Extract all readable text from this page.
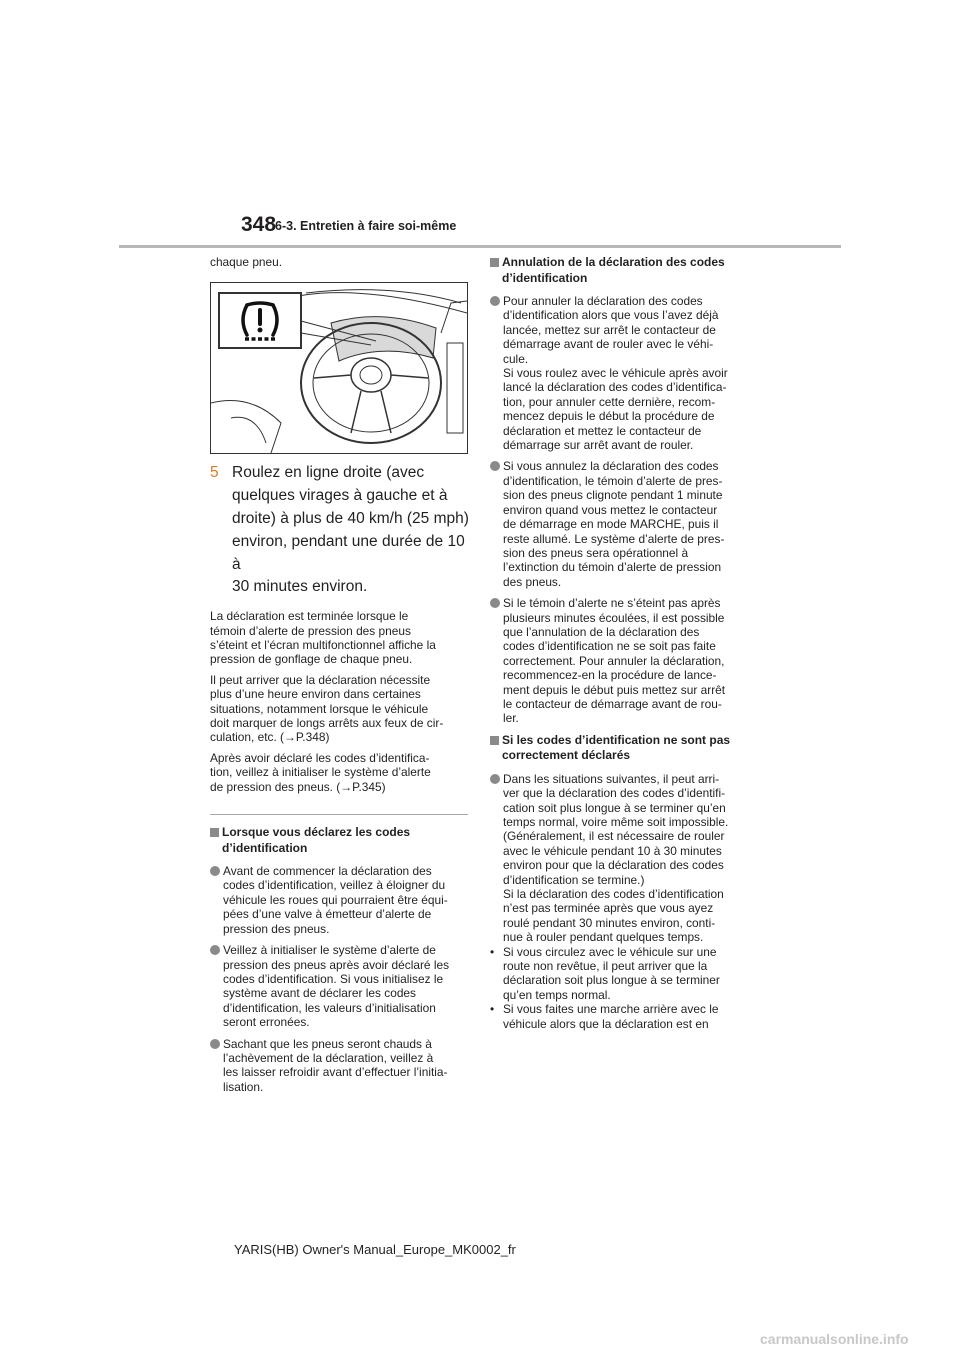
348
6-3. Entretien à faire soi-même

chaque pneu.

5 Roulez en ligne droite (avec
quelques virages à gauche et à
droite) à plus de 40 km/h (25 mph)
environ, pendant une durée de 10 à
30 minutes environ.

La déclaration est terminée lorsque le
témoin d’alerte de pression des pneus
s’éteint et l’écran multifonctionnel affiche la
pression de gonflage de chaque pneu.

Il peut arriver que la déclaration nécessite
plus d’une heure environ dans certaines
situations, notamment lorsque le véhicule
doit marquer de longs arrêts aux feux de cir-
culation, etc. (→P.348)

Après avoir déclaré les codes d’identifica-
tion, veillez à initialiser le système d’alerte
de pression des pneus. (→P.345)

Lorsque vous déclarez les codes
d’identification
Avant de commencer la déclaration des
codes d’identification, veillez à éloigner du
véhicule les roues qui pourraient être équi-
pées d’une valve à émetteur d’alerte de
pression des pneus.
Veillez à initialiser le système d’alerte de
pression des pneus après avoir déclaré les
codes d’identification. Si vous initialisez le
système avant de déclarer les codes
d’identification, les valeurs d’initialisation
seront erronées.
Sachant que les pneus seront chauds à
l’achèvement de la déclaration, veillez à
les laisser refroidir avant d’effectuer l’initia-
lisation.
Annulation de la déclaration des codes
d’identification
Pour annuler la déclaration des codes
d’identification alors que vous l’avez déjà
lancée, mettez sur arrêt le contacteur de
démarrage avant de rouler avec le véhi-
cule.
Si vous roulez avec le véhicule après avoir
lancé la déclaration des codes d’identifica-
tion, pour annuler cette dernière, recom-
mencez depuis le début la procédure de
déclaration et mettez le contacteur de
démarrage sur arrêt avant de rouler.
Si vous annulez la déclaration des codes
d’identification, le témoin d’alerte de pres-
sion des pneus clignote pendant 1 minute
environ quand vous mettez le contacteur
de démarrage en mode MARCHE, puis il
reste allumé. Le système d’alerte de pres-
sion des pneus sera opérationnel à
l’extinction du témoin d’alerte de pression
des pneus.
Si le témoin d’alerte ne s’éteint pas après
plusieurs minutes écoulées, il est possible
que l’annulation de la déclaration des
codes d’identification ne se soit pas faite
correctement. Pour annuler la déclaration,
recommencez-en la procédure de lance-
ment depuis le début puis mettez sur arrêt
le contacteur de démarrage avant de rou-
ler.
Si les codes d’identification ne sont pas
correctement déclarés
Dans les situations suivantes, il peut arri-
ver que la déclaration des codes d’identifi-
cation soit plus longue à se terminer qu’en
temps normal, voire même soit impossible.
(Généralement, il est nécessaire de rouler
avec le véhicule pendant 10 à 30 minutes
environ pour que la déclaration des codes
d’identification se termine.)
Si la déclaration des codes d’identification
n’est pas terminée après que vous ayez
roulé pendant 30 minutes environ, conti-
nue à rouler pendant quelques temps.
• Si vous circulez avec le véhicule sur une
route non revêtue, il peut arriver que la
déclaration soit plus longue à se terminer
qu’en temps normal.
• Si vous faites une marche arrière avec le
véhicule alors que la déclaration est en
YARIS(HB) Owner's Manual_Europe_MK0002_fr
carmanualsonline.info
